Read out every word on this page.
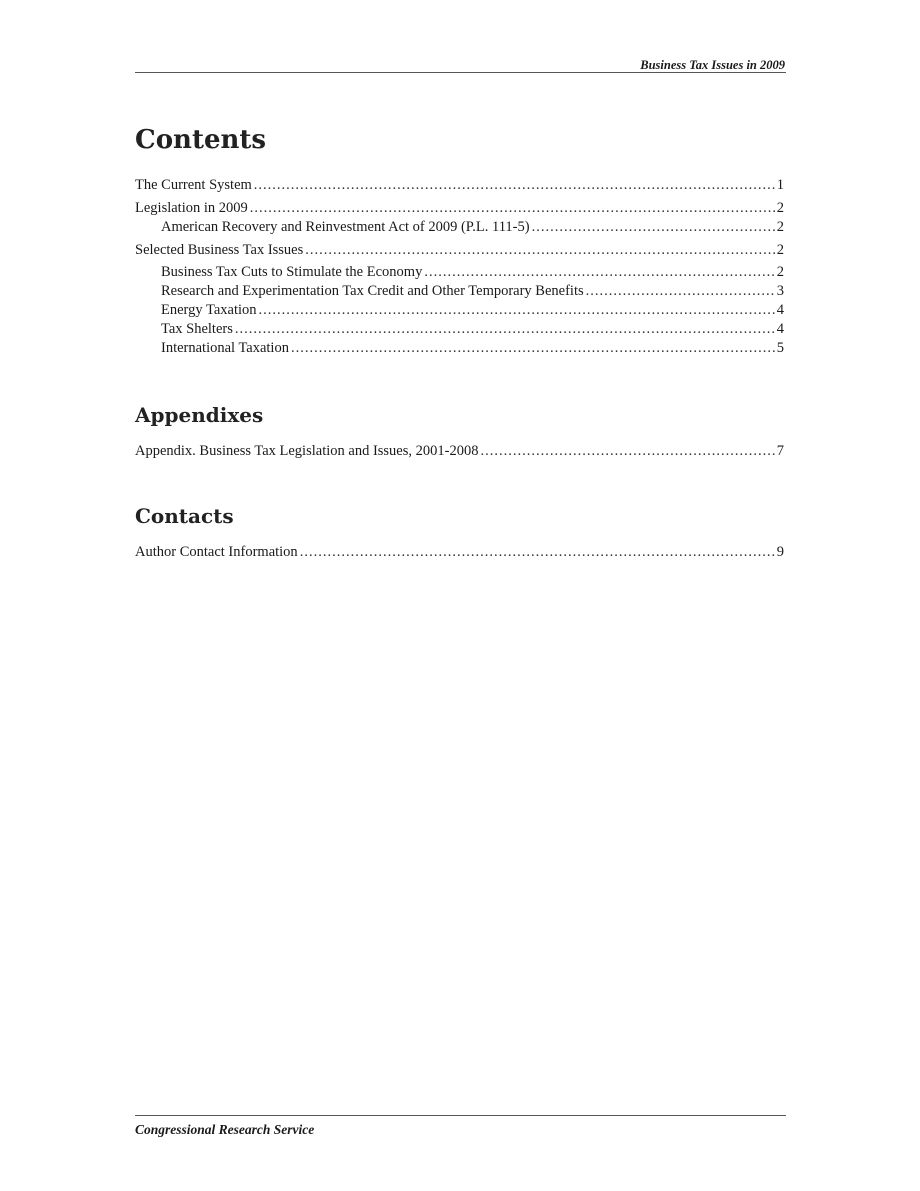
Business Tax Issues in 2009
Contents
The Current System .....	1
Legislation in 2009 .....	2
American Recovery and Reinvestment Act of 2009 (P.L. 111-5) .....	2
Selected Business Tax Issues .....	2
Business Tax Cuts to Stimulate the Economy .....	2
Research and Experimentation Tax Credit and Other Temporary Benefits .....	3
Energy Taxation .....	4
Tax Shelters .....	4
International Taxation .....	5
Appendixes
Appendix. Business Tax Legislation and Issues, 2001-2008 .....	7
Contacts
Author Contact Information .....	9
Congressional Research Service
